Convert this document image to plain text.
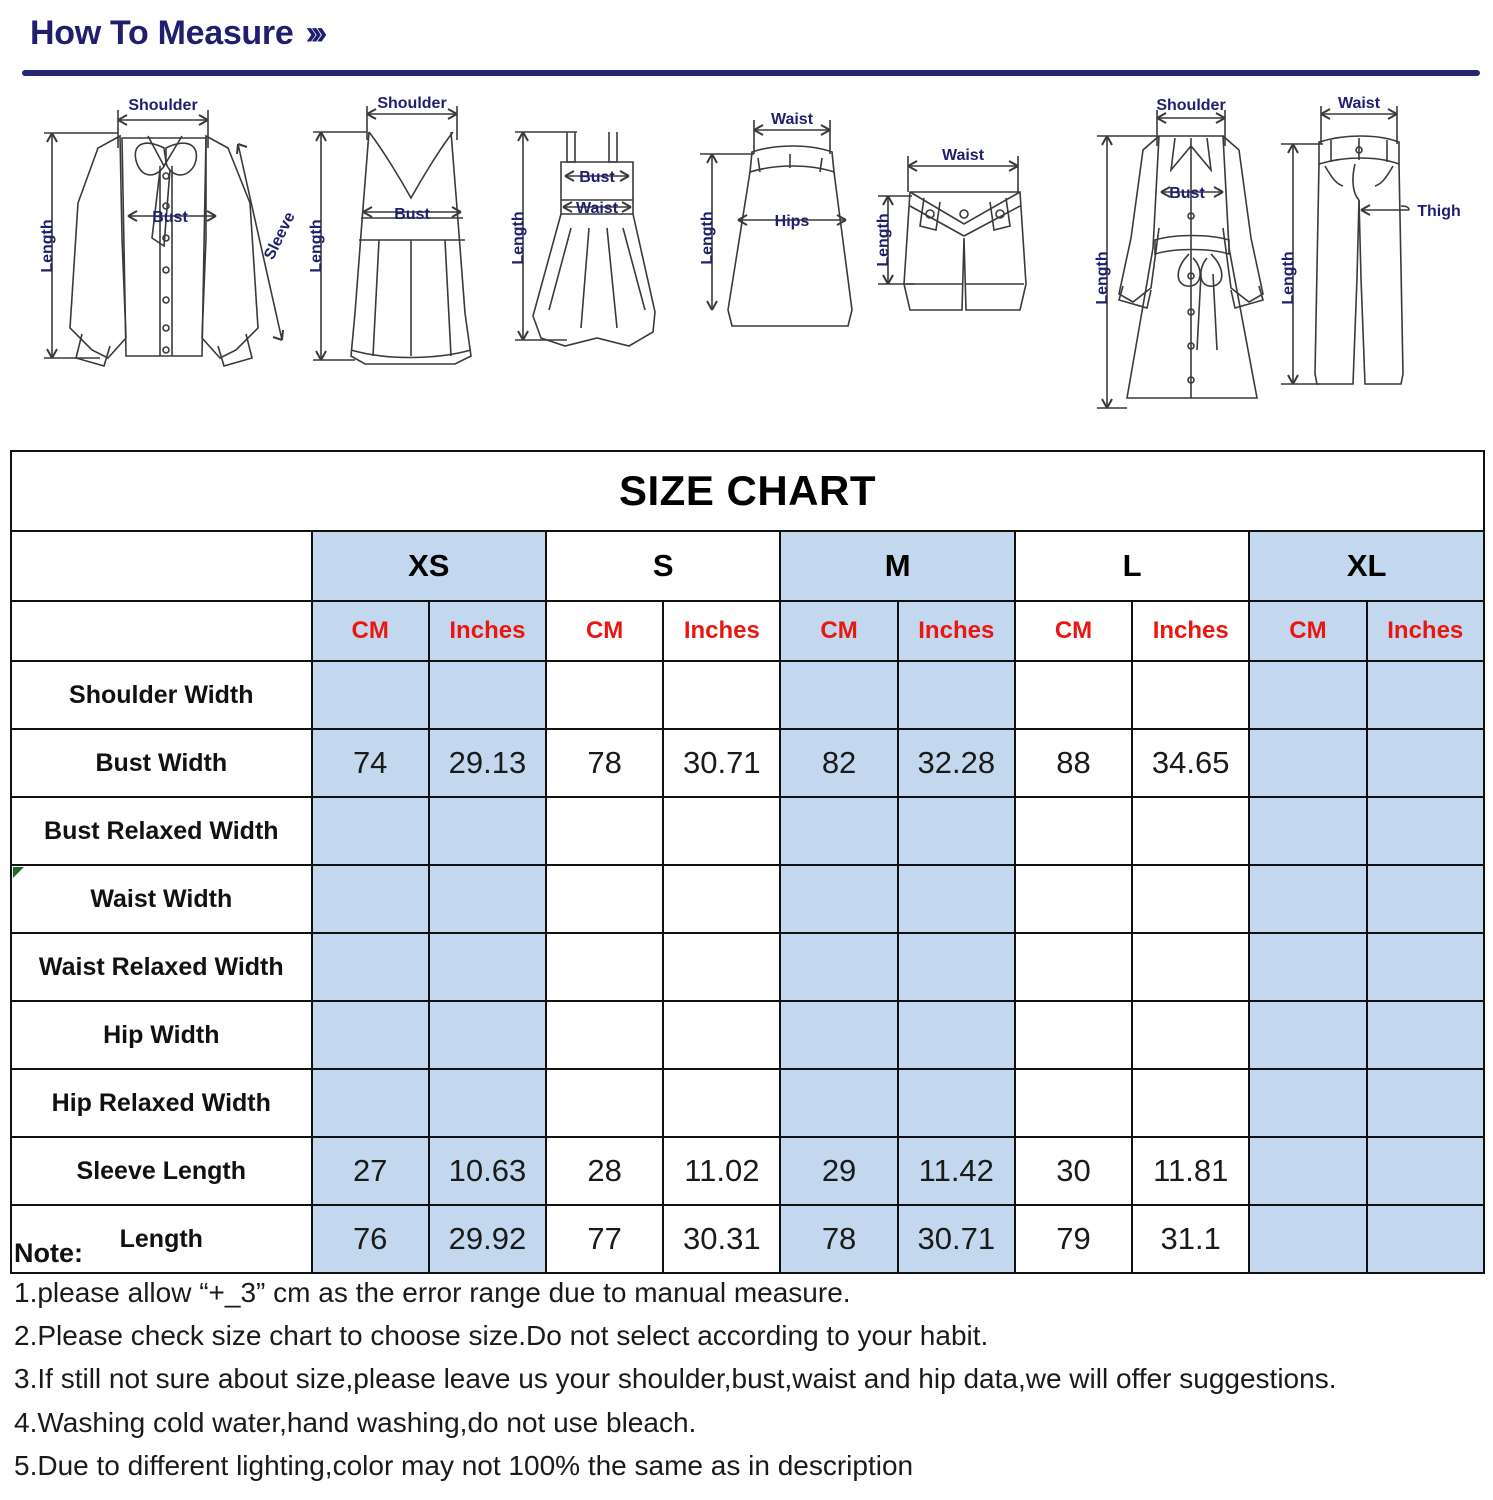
How To Measure ›››
Shoulder
Bust
Length	Sleeve
Shoulder
Bust
Length
Bust
Waist
Length
Waist
Hips
Length
Waist
Length
Shoulder
Bust
Length
Waist
Thigh
Length
SIZE CHART										
	XS		S		M		L		XL	
	CM	Inches	CM	Inches	CM	Inches	CM	Inches	CM	Inches
Shoulder Width										
Bust Width	74	29.13	78	30.71	82	32.28	88	34.65		
Bust Relaxed Width										

Waist Width										
Waist Relaxed Width										
Hip Width										
Hip Relaxed Width										
Sleeve Length	27	10.63	28	11.02	29	11.42	30	11.81		
Length	76	29.92	77	30.31	78	30.71	79	31.1		
Note:
1.please allow “+_3” cm as the error range due to manual measure.
2.Please check size chart to choose size.Do not select according to your habit.
3.If still not sure about size,please leave us your shoulder,bust,waist and hip data,we will offer suggestions.
4.Washing cold water,hand washing,do not use bleach.
5.Due to different lighting,color may not 100% the same as in description
